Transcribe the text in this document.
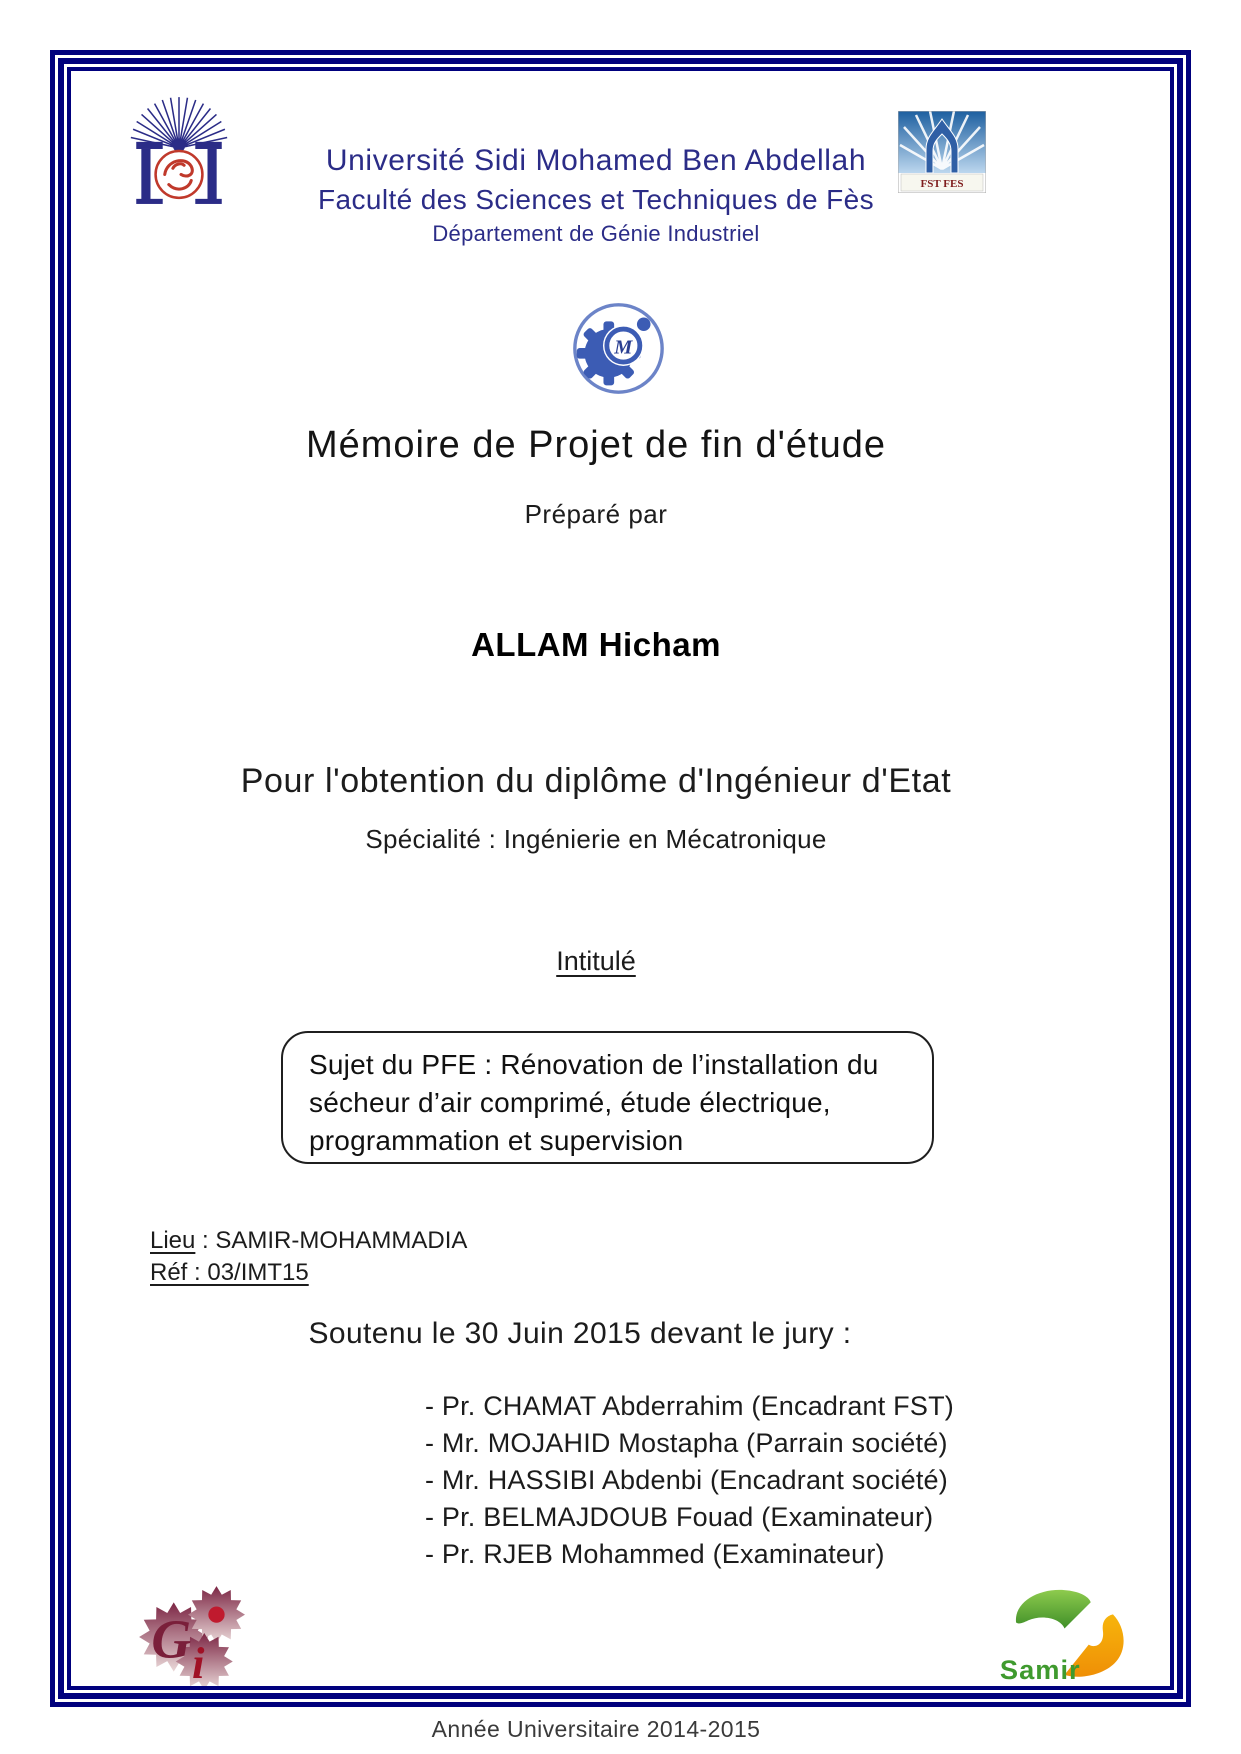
Université Sidi Mohamed Ben Abdellah
Faculté des Sciences et Techniques de Fès
Département de Génie Industriel
FST FES
M
Mémoire de Projet de fin d'étude
Préparé par
ALLAM Hicham
Pour l'obtention du diplôme d'Ingénieur d'Etat
Spécialité : Ingénierie en Mécatronique
Intitulé
Sujet du PFE : Rénovation de l’installation du
sécheur d’air comprimé, étude électrique,
programmation et supervision
Lieu : SAMIR-MOHAMMADIA
Réf : 03/IMT15
Soutenu le 30 Juin 2015 devant le jury :
- Pr. CHAMAT Abderrahim (Encadrant FST)
- Mr. MOJAHID Mostapha (Parrain société)
- Mr. HASSIBI Abdenbi (Encadrant société)
- Pr. BELMAJDOUB Fouad (Examinateur)
- Pr. RJEB Mohammed (Examinateur)
G i	Samir
Année Universitaire 2014-2015
